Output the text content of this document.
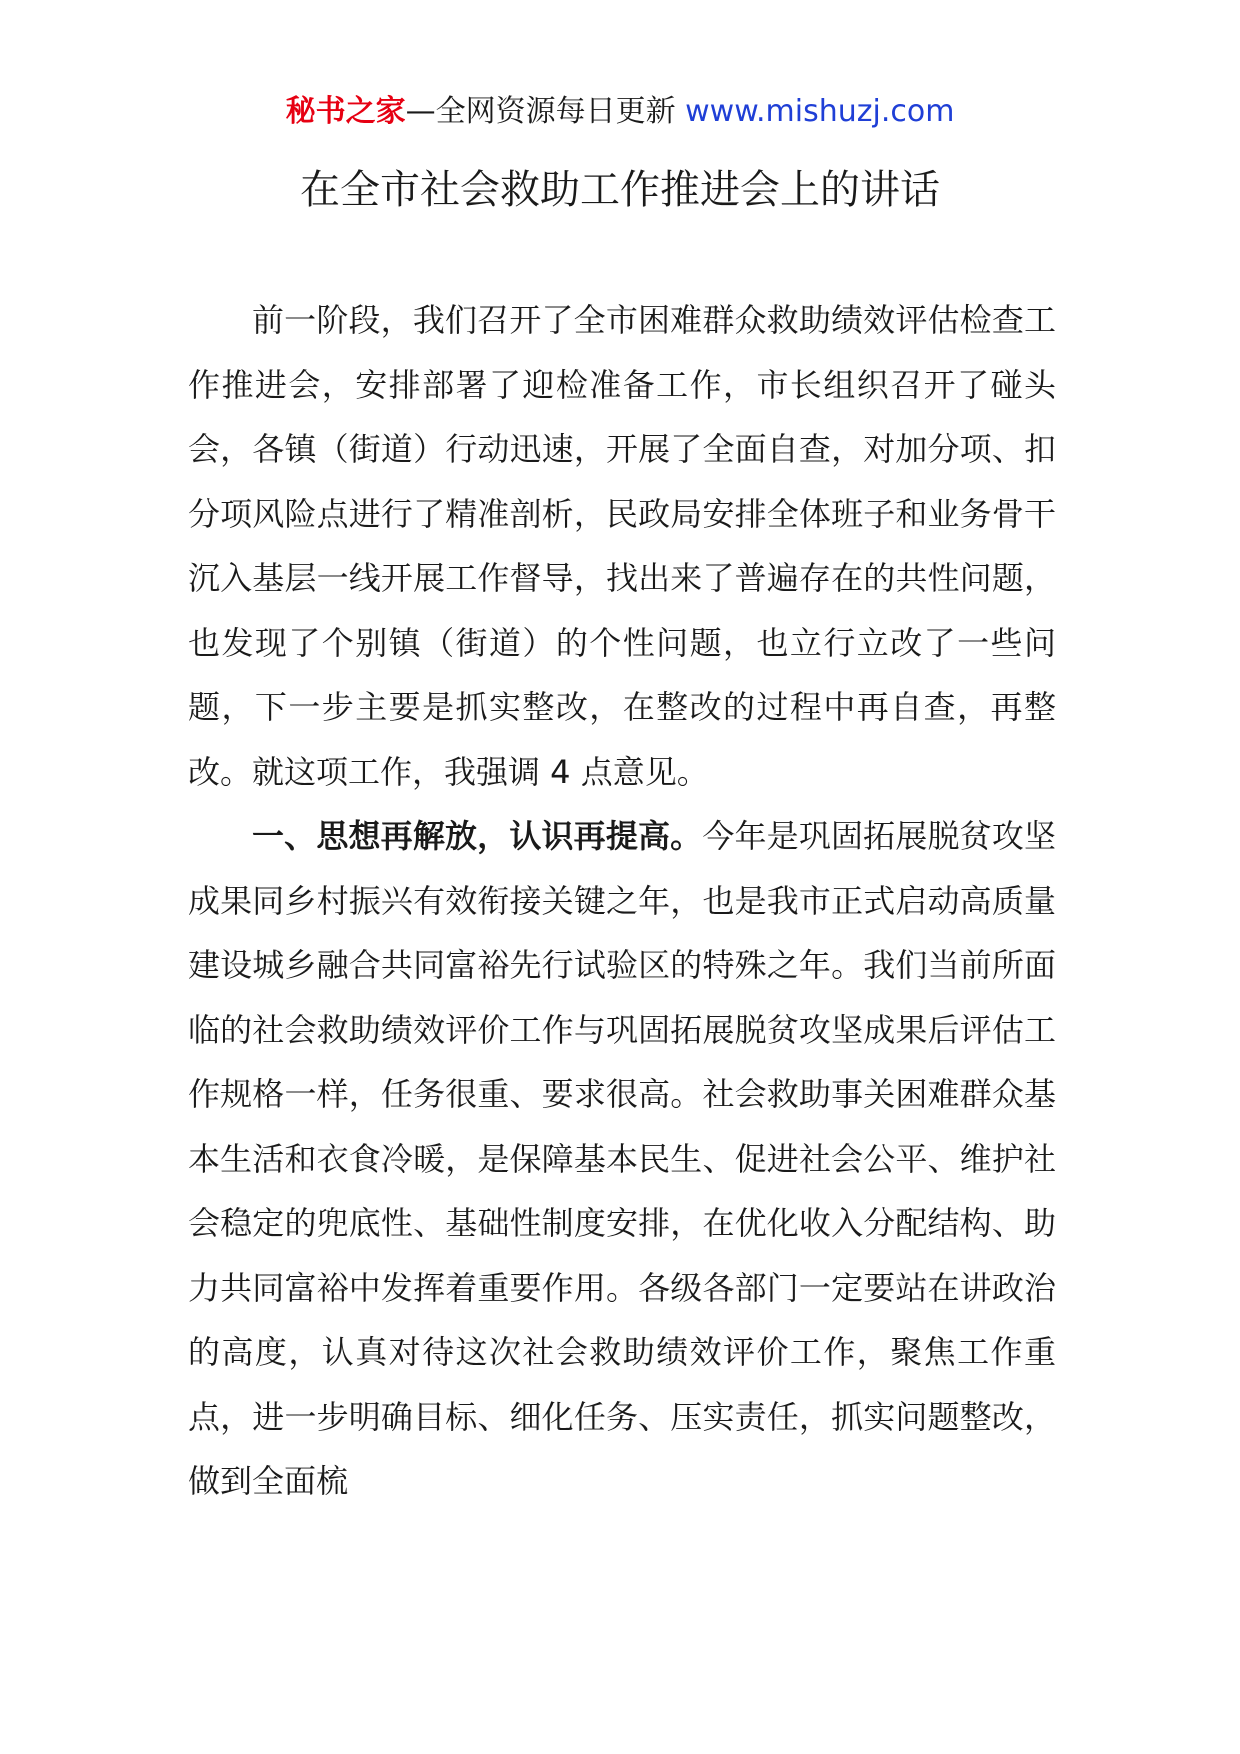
秘书之家—全网资源每日更新 www.mishuzj.com
在全市社会救助工作推进会上的讲话

前一阶段，我们召开了全市困难群众救助绩效评估检查工作推进会，安排部署了迎检准备工作，市长组织召开了碰头会，各镇（街道）行动迅速，开展了全面自查，对加分项、扣分项风险点进行了精准剖析，民政局安排全体班子和业务骨干沉入基层一线开展工作督导，找出来了普遍存在的共性问题，也发现了个别镇（街道）的个性问题，也立行立改了一些问题，下一步主要是抓实整改，在整改的过程中再自查，再整改。就这项工作，我强调 4 点意见。

一、思想再解放，认识再提高。今年是巩固拓展脱贫攻坚成果同乡村振兴有效衔接关键之年，也是我市正式启动高质量建设城乡融合共同富裕先行试验区的特殊之年。我们当前所面临的社会救助绩效评价工作与巩固拓展脱贫攻坚成果后评估工作规格一样，任务很重、要求很高。社会救助事关困难群众基本生活和衣食冷暖，是保障基本民生、促进社会公平、维护社会稳定的兜底性、基础性制度安排，在优化收入分配结构、助力共同富裕中发挥着重要作用。各级各部门一定要站在讲政治的高度，认真对待这次社会救助绩效评价工作，聚焦工作重点，进一步明确目标、细化任务、压实责任，抓实问题整改，做到全面梳
